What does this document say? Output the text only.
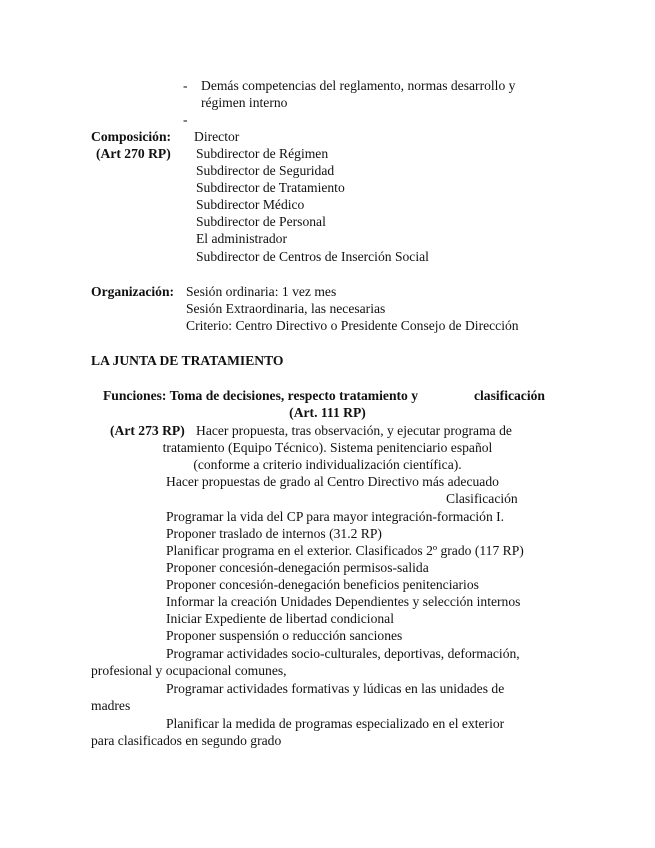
- Demás competencias del reglamento, normas desarrollo y
régimen interno
-
Composición:
(Art 270 RP)
Director
Subdirector de Régimen
Subdirector de Seguridad
Subdirector de Tratamiento
Subdirector Médico
Subdirector de Personal
El administrador
Subdirector de Centros de Inserción Social
Organización: Sesión ordinaria: 1 vez mes
Sesión Extraordinaria, las necesarias
Criterio: Centro Directivo o Presidente Consejo de Dirección
LA JUNTA DE TRATAMIENTO
Funciones: Toma de decisiones, respecto tratamiento y	clasificación
(Art. 111 RP)
(Art 273 RP) Hacer propuesta, tras observación, y ejecutar programa de
tratamiento (Equipo Técnico). Sistema penitenciario español
(conforme a criterio individualización científica).
Hacer propuestas de grado al Centro Directivo más adecuado
Clasificación
Programar la vida del CP para mayor integración-formación I.
Proponer traslado de internos (31.2 RP)
Planificar programa en el exterior. Clasificados 2º grado (117 RP)
Proponer concesión-denegación permisos-salida
Proponer concesión-denegación beneficios penitenciarios
Informar la creación Unidades Dependientes y selección internos
Iniciar Expediente de libertad condicional
Proponer suspensión o reducción sanciones
Programar actividades socio-culturales, deportivas, deformación,
profesional y ocupacional comunes,
Programar actividades formativas y lúdicas en las unidades de
madres
Planificar la medida de programas especializado en el exterior
para clasificados en segundo grado
